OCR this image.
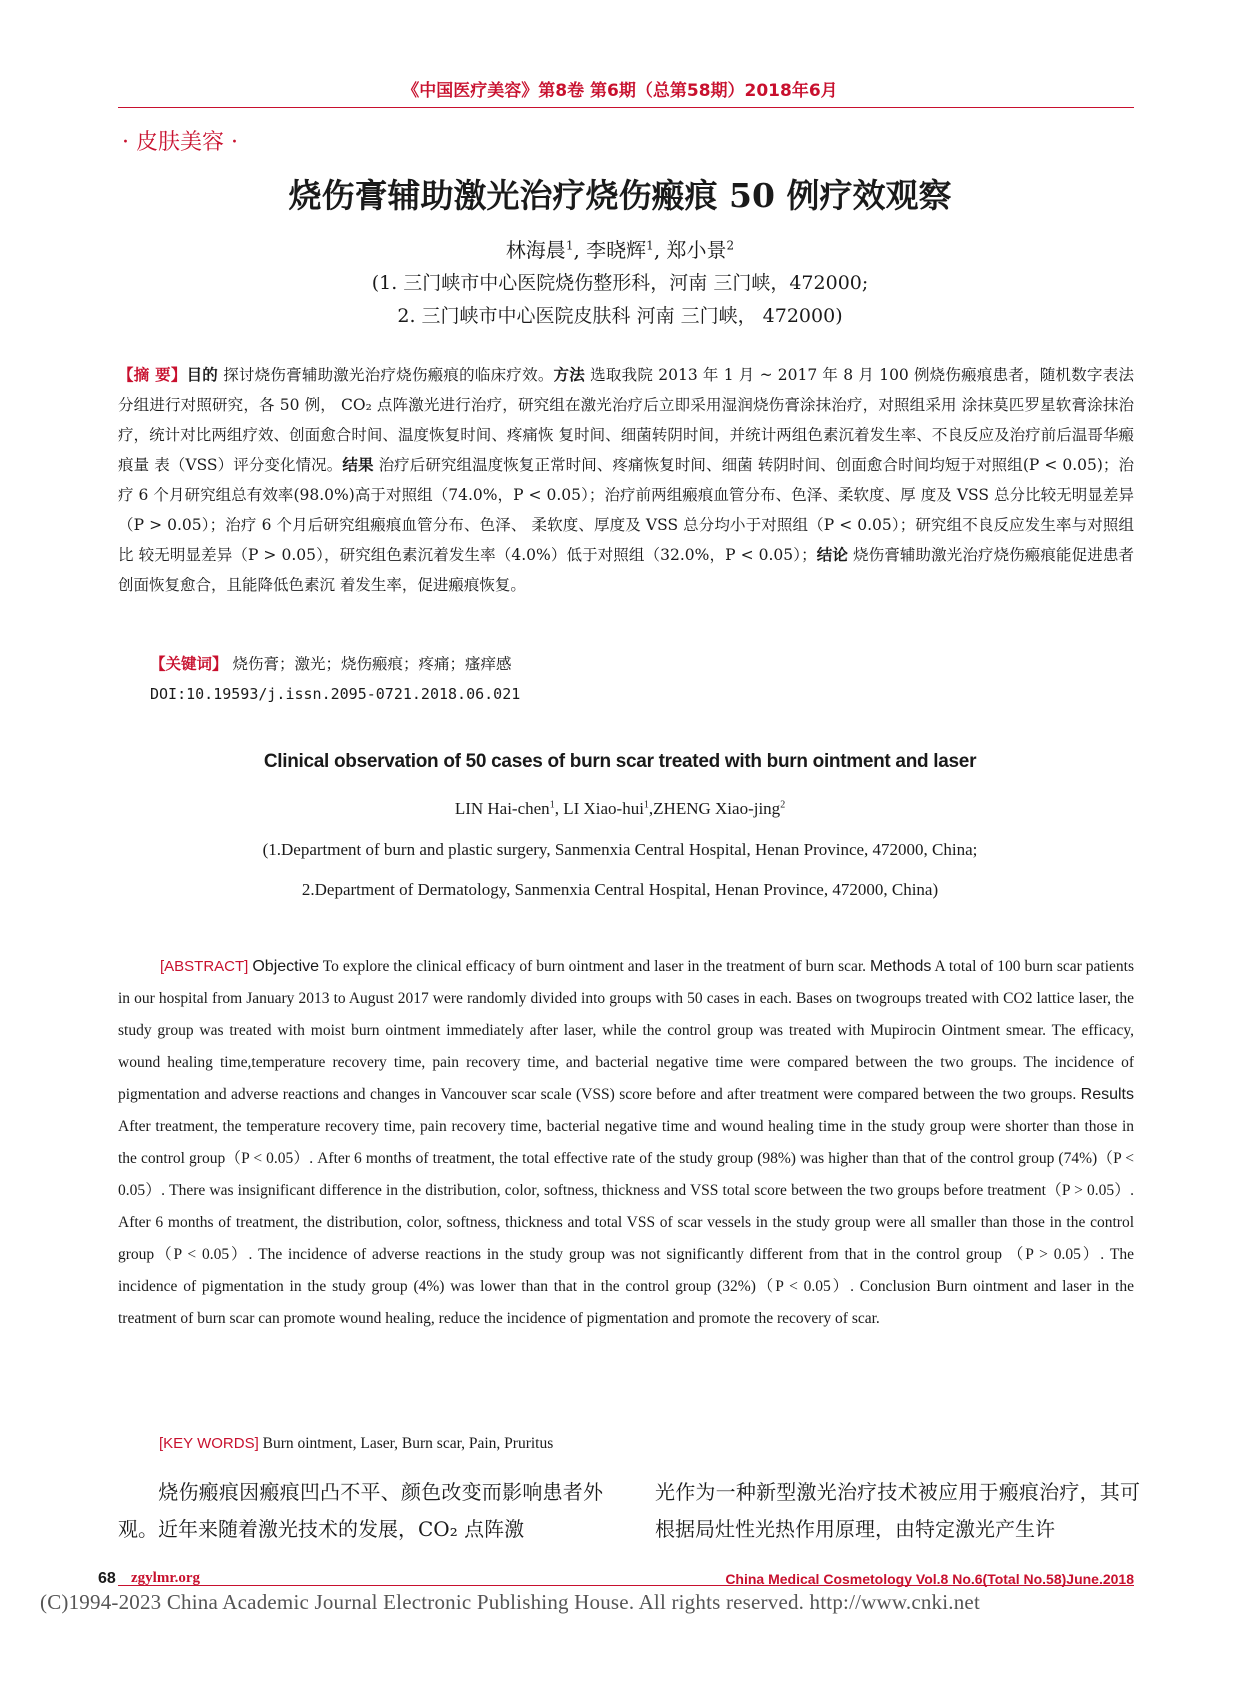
《中国医疗美容》第8卷 第6期（总第58期）2018年6月
· 皮肤美容 ·
烧伤膏辅助激光治疗烧伤瘢痕 50 例疗效观察
林海晨$^1$, 李晓辉$^1$, 郑小景$^2$
(1. 三门峡市中心医院烧伤整形科，河南 三门峡，472000;
2. 三门峡市中心医院皮肤科 河南 三门峡， 472000)
【摘 要】目的 探讨烧伤膏辅助激光治疗烧伤瘢痕的临床疗效。方法 选取我院 2013 年 1 月 ~ 2017 年 8 月 100 例烧伤瘢痕患者，随机数字表法分组进行对照研究，各 50 例， CO₂ 点阵激光进行治疗，研究组在激光治疗后立即采用湿润烧伤膏涂抹治疗，对照组采用 涂抹莫匹罗星软膏涂抹治疗，统计对比两组疗效、创面愈合时间、温度恢复时间、疼痛恢 复时间、细菌转阴时间，并统计两组色素沉着发生率、不良反应及治疗前后温哥华瘢痕量 表（VSS）评分变化情况。结果 治疗后研究组温度恢复正常时间、疼痛恢复时间、细菌 转阴时间、创面愈合时间均短于对照组(P < 0.05)；治疗 6 个月研究组总有效率(98.0%)高于对照组（74.0%，P < 0.05）；治疗前两组瘢痕血管分布、色泽、柔软度、厚 度及 VSS 总分比较无明显差异（P > 0.05）；治疗 6 个月后研究组瘢痕血管分布、色泽、 柔软度、厚度及 VSS 总分均小于对照组（P < 0.05）；研究组不良反应发生率与对照组比 较无明显差异（P > 0.05），研究组色素沉着发生率（4.0%）低于对照组（32.0%，P < 0.05）；结论 烧伤膏辅助激光治疗烧伤瘢痕能促进患者创面恢复愈合，且能降低色素沉 着发生率，促进瘢痕恢复。
【关键词】 烧伤膏；激光；烧伤瘢痕；疼痛；瘙痒感
DOI:10.19593/j.issn.2095-0721.2018.06.021
Clinical observation of 50 cases of burn scar treated with burn ointment and laser
LIN Hai-chen$^1$, LI Xiao-hui$^1$,ZHENG Xiao-jing$^2$
(1.Department of burn and plastic surgery, Sanmenxia Central Hospital, Henan Province, 472000, China;
2.Department of Dermatology, Sanmenxia Central Hospital, Henan Province, 472000, China)
[ABSTRACT] Objective To explore the clinical efficacy of burn ointment and laser in the treatment of burn scar. Methods A total of 100 burn scar patients in our hospital from January 2013 to August 2017 were randomly divided into groups with 50 cases in each. Bases on twogroups treated with CO2 lattice laser, the study group was treated with moist burn ointment immediately after laser, while the control group was treated with Mupirocin Ointment smear. The efficacy, wound healing time,temperature recovery time, pain recovery time, and bacterial negative time were compared between the two groups. The incidence of pigmentation and adverse reactions and changes in Vancouver scar scale (VSS) score before and after treatment were compared between the two groups. Results After treatment, the temperature recovery time, pain recovery time, bacterial negative time and wound healing time in the study group were shorter than those in the control group（P < 0.05）. After 6 months of treatment, the total effective rate of the study group (98%) was higher than that of the control group (74%)（P < 0.05）. There was insignificant difference in the distribution, color, softness, thickness and VSS total score between the two groups before treatment（P > 0.05）. After 6 months of treatment, the distribution, color, softness, thickness and total VSS of scar vessels in the study group were all smaller than those in the control group（P < 0.05）. The incidence of adverse reactions in the study group was not significantly different from that in the control group （P > 0.05）. The incidence of pigmentation in the study group (4%) was lower than that in the control group (32%)（P < 0.05）. Conclusion Burn ointment and laser in the treatment of burn scar can promote wound healing, reduce the incidence of pigmentation and promote the recovery of scar.
[KEY WORDS] Burn ointment, Laser, Burn scar, Pain, Pruritus
烧伤瘢痕因瘢痕凹凸不平、颜色改变而影响患者外观。近年来随着激光技术的发展，CO₂ 点阵激
光作为一种新型激光治疗技术被应用于瘢痕治疗，其可根据局灶性光热作用原理，由特定激光产生许
68 zgylmr.org	China Medical Cosmetology Vol.8 No.6(Total No.58)June.2018
(C)1994-2023 China Academic Journal Electronic Publishing House. All rights reserved. http://www.cnki.net
